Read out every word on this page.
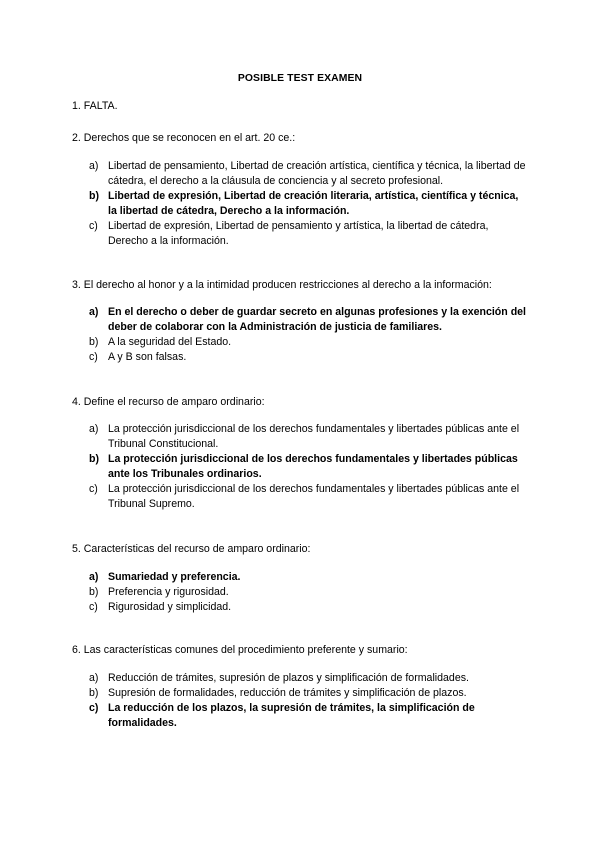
POSIBLE TEST EXAMEN
1. FALTA.
2. Derechos que se reconocen en el art. 20 ce.:
a) Libertad de pensamiento, Libertad de creación artística, científica y técnica, la libertad de cátedra, el derecho a la cláusula de conciencia y al secreto profesional.
b) Libertad de expresión, Libertad de creación literaria, artística, científica y técnica, la libertad de cátedra, Derecho a la información.
c) Libertad de expresión, Libertad de pensamiento y artística, la libertad de cátedra, Derecho a la información.
3. El derecho al honor y a la intimidad producen restricciones al derecho a la información:
a) En el derecho o deber de guardar secreto en algunas profesiones y la exención del deber de colaborar con la Administración de justicia de familiares.
b) A la seguridad del Estado.
c) A y B son falsas.
4. Define el recurso de amparo ordinario:
a) La protección jurisdiccional de los derechos fundamentales y libertades públicas ante el Tribunal Constitucional.
b) La protección jurisdiccional de los derechos fundamentales y libertades públicas ante los Tribunales ordinarios.
c) La protección jurisdiccional de los derechos fundamentales y libertades públicas ante el Tribunal Supremo.
5. Características del recurso de amparo ordinario:
a) Sumariedad y preferencia.
b) Preferencia y rigurosidad.
c) Rigurosidad y simplicidad.
6. Las características comunes del procedimiento preferente y sumario:
a) Reducción de trámites, supresión de plazos y simplificación de formalidades.
b) Supresión de formalidades, reducción de trámites y simplificación de plazos.
c) La reducción de los plazos, la supresión de trámites, la simplificación de formalidades.
